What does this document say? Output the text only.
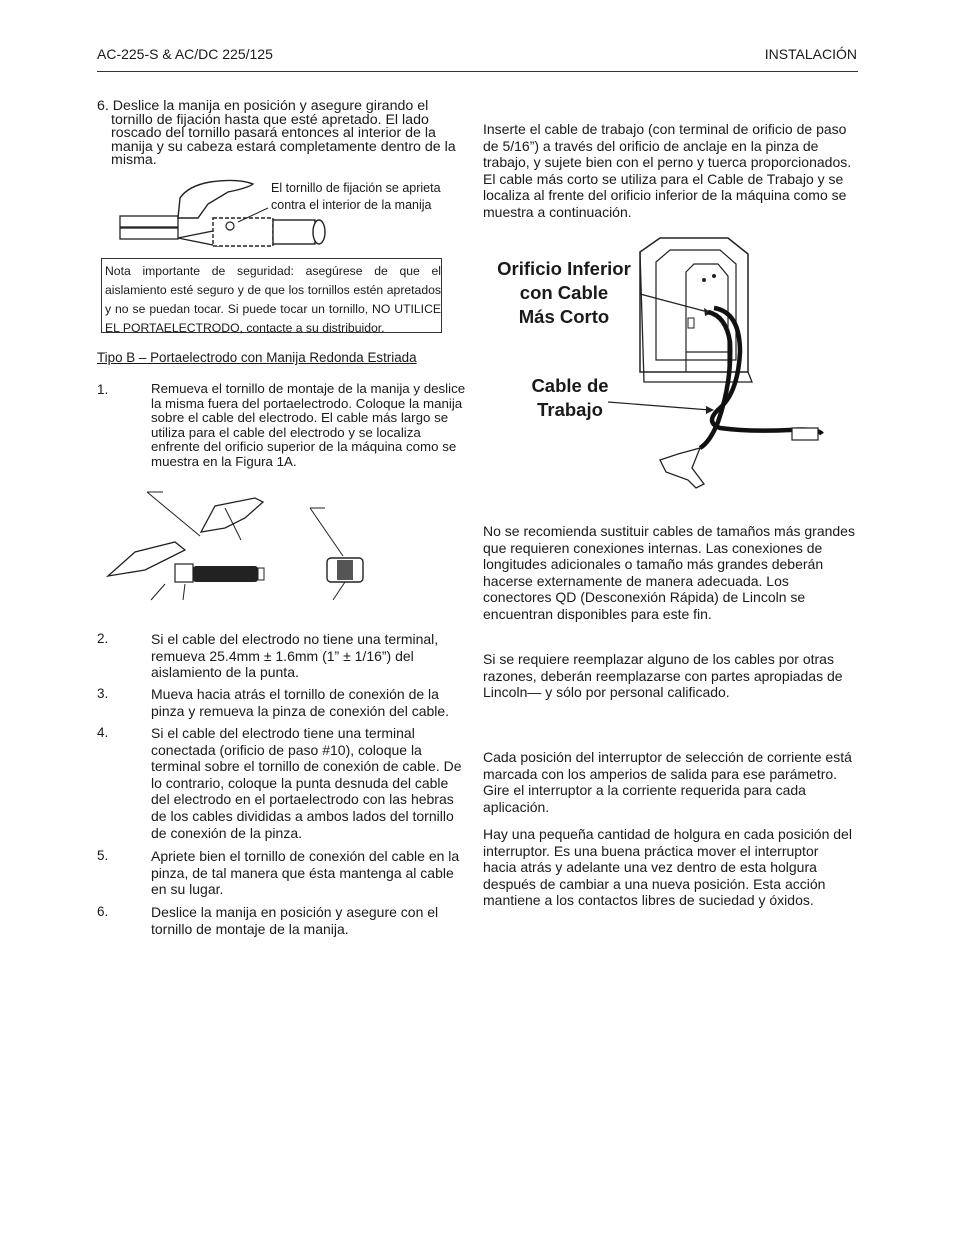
AC-225-S & AC/DC 225/125	INSTALACIÓN
6. Deslice la manija en posición y asegure girando el tornillo de fijación hasta que esté apretado. El lado roscado del tornillo pasará entonces al interior de la manija y su cabeza estará completamente dentro de la misma.
El tornillo de fijación se aprieta contra el interior de la manija
Nota importante de seguridad: asegúrese de que el aislamiento esté seguro y de que los tornillos estén apretados y no se puedan tocar. Si puede tocar un tornillo, NO UTILICE EL PORTAELECTRODO, contacte a su distribuidor.
Tipo B – Portaelectrodo con Manija Redonda Estriada
1.	Remueva el tornillo de montaje de la manija y deslice la misma fuera del portaelectrodo. Coloque la manija sobre el cable del electrodo. El cable más largo se utiliza para el cable del electrodo y se localiza enfrente del orificio superior de la máquina como se muestra en la Figura 1A.
2.	Si el cable del electrodo no tiene una terminal, remueva 25.4mm ± 1.6mm (1” ± 1/16”) del aislamiento de la punta.
3.	Mueva hacia atrás el tornillo de conexión de la pinza y remueva la pinza de conexión del cable.
4.	Si el cable del electrodo tiene una terminal conectada (orificio de paso #10), coloque la terminal sobre el tornillo de conexión de cable. De lo contrario, coloque la punta desnuda del cable del electrodo en el portaelectrodo con las hebras de los cables divididas a ambos lados del tornillo de conexión de la pinza.
5.	Apriete bien el tornillo de conexión del cable en la pinza, de tal manera que ésta mantenga al cable en su lugar.
6.	Deslice la manija en posición y asegure con el tornillo de montaje de la manija.
Inserte el cable de trabajo (con terminal de orificio de paso de 5/16”) a través del orificio de anclaje en la pinza de trabajo, y sujete bien con el perno y tuerca proporcionados. El cable más corto se utiliza para el Cable de Trabajo y se localiza al frente del orificio inferior de la máquina como se muestra a continuación.
Orificio Inferior
con Cable
Más Corto
Cable de
Trabajo
No se recomienda sustituir cables de tamaños más grandes que requieren conexiones internas. Las conexiones de longitudes adicionales o tamaño más grandes deberán hacerse externamente de manera adecuada. Los conectores QD (Desconexión Rápida) de Lincoln se encuentran disponibles para este fin.
Si se requiere reemplazar alguno de los cables por otras razones, deberán reemplazarse con partes apropiadas de Lincoln— y sólo por personal calificado.
Cada posición del interruptor de selección de corriente está marcada con los amperios de salida para ese parámetro. Gire el interruptor a la corriente requerida para cada aplicación.
Hay una pequeña cantidad de holgura en cada posición del interruptor. Es una buena práctica mover el interruptor hacia atrás y adelante una vez dentro de esta holgura después de cambiar a una nueva posición. Esta acción mantiene a los contactos libres de suciedad y óxidos.
